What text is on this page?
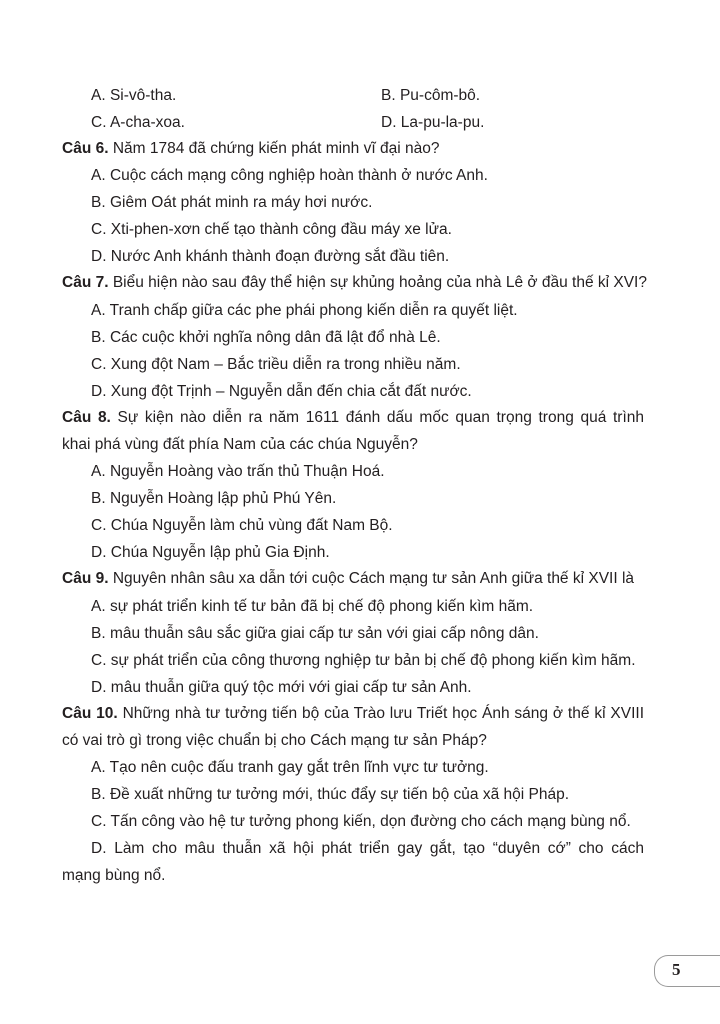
A. Si-vô-tha.	B. Pu-côm-bô.
C. A-cha-xoa.	D. La-pu-la-pu.
Câu 6. Năm 1784 đã chứng kiến phát minh vĩ đại nào?
A. Cuộc cách mạng công nghiệp hoàn thành ở nước Anh.
B. Giêm Oát phát minh ra máy hơi nước.
C. Xti-phen-xơn chế tạo thành công đầu máy xe lửa.
D. Nước Anh khánh thành đoạn đường sắt đầu tiên.
Câu 7. Biểu hiện nào sau đây thể hiện sự khủng hoảng của nhà Lê ở đầu thế kỉ XVI?
A. Tranh chấp giữa các phe phái phong kiến diễn ra quyết liệt.
B. Các cuộc khởi nghĩa nông dân đã lật đổ nhà Lê.
C. Xung đột Nam – Bắc triều diễn ra trong nhiều năm.
D. Xung đột Trịnh – Nguyễn dẫn đến chia cắt đất nước.
Câu 8. Sự kiện nào diễn ra năm 1611 đánh dấu mốc quan trọng trong quá trình
khai phá vùng đất phía Nam của các chúa Nguyễn?
A. Nguyễn Hoàng vào trấn thủ Thuận Hoá.
B. Nguyễn Hoàng lập phủ Phú Yên.
C. Chúa Nguyễn làm chủ vùng đất Nam Bộ.
D. Chúa Nguyễn lập phủ Gia Định.
Câu 9. Nguyên nhân sâu xa dẫn tới cuộc Cách mạng tư sản Anh giữa thế kỉ XVII là
A. sự phát triển kinh tế tư bản đã bị chế độ phong kiến kìm hãm.
B. mâu thuẫn sâu sắc giữa giai cấp tư sản với giai cấp nông dân.
C. sự phát triển của công thương nghiệp tư bản bị chế độ phong kiến kìm hãm.
D. mâu thuẫn giữa quý tộc mới với giai cấp tư sản Anh.
Câu 10. Những nhà tư tưởng tiến bộ của Trào lưu Triết học Ánh sáng ở thế kỉ XVIII
có vai trò gì trong việc chuẩn bị cho Cách mạng tư sản Pháp?
A. Tạo nên cuộc đấu tranh gay gắt trên lĩnh vực tư tưởng.
B. Đề xuất những tư tưởng mới, thúc đẩy sự tiến bộ của xã hội Pháp.
C. Tấn công vào hệ tư tưởng phong kiến, dọn đường cho cách mạng bùng nổ.
D. Làm cho mâu thuẫn xã hội phát triển gay gắt, tạo “duyên cớ” cho cách
mạng bùng nổ.
5
